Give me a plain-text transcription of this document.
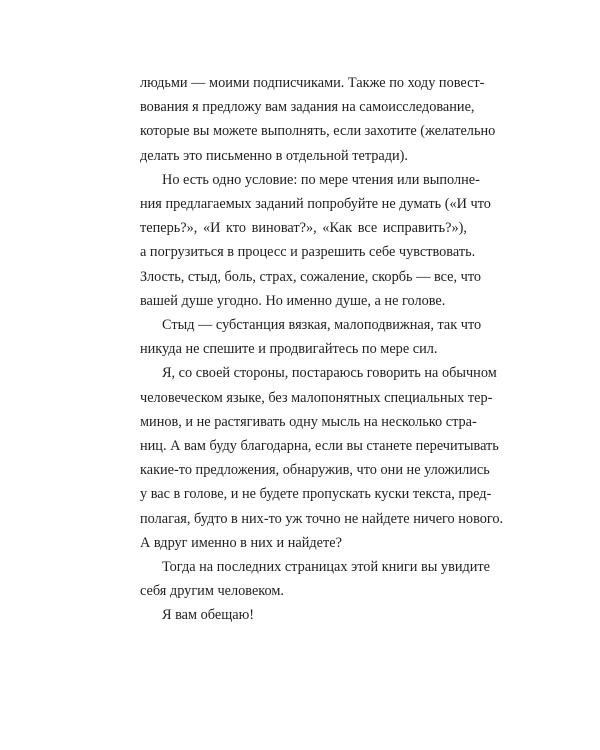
людьми — моими подписчиками. Также по ходу повест-
вования я предложу вам задания на самоисследование,
которые вы можете выполнять, если захотите (желательно
делать это письменно в отдельной тетради).

Но есть одно условие: по мере чтения или выполне-
ния предлагаемых заданий попробуйте не думать («И что
теперь?», «И кто виноват?», «Как все исправить?»),
а погрузиться в процесс и разрешить себе чувствовать.
Злость, стыд, боль, страх, сожаление, скорбь — все, что
вашей душе угодно. Но именно душе, а не голове.

Стыд — субстанция вязкая, малоподвижная, так что
никуда не спешите и продвигайтесь по мере сил.

Я, со своей стороны, постараюсь говорить на обычном
человеческом языке, без малопонятных специальных тер-
минов, и не растягивать одну мысль на несколько стра-
ниц. А вам буду благодарна, если вы станете перечитывать
какие-то предложения, обнаружив, что они не уложились
у вас в голове, и не будете пропускать куски текста, пред-
полагая, будто в них-то уж точно не найдете ничего нового.
А вдруг именно в них и найдете?

Тогда на последних страницах этой книги вы увидите
себя другим человеком.

Я вам обещаю!
